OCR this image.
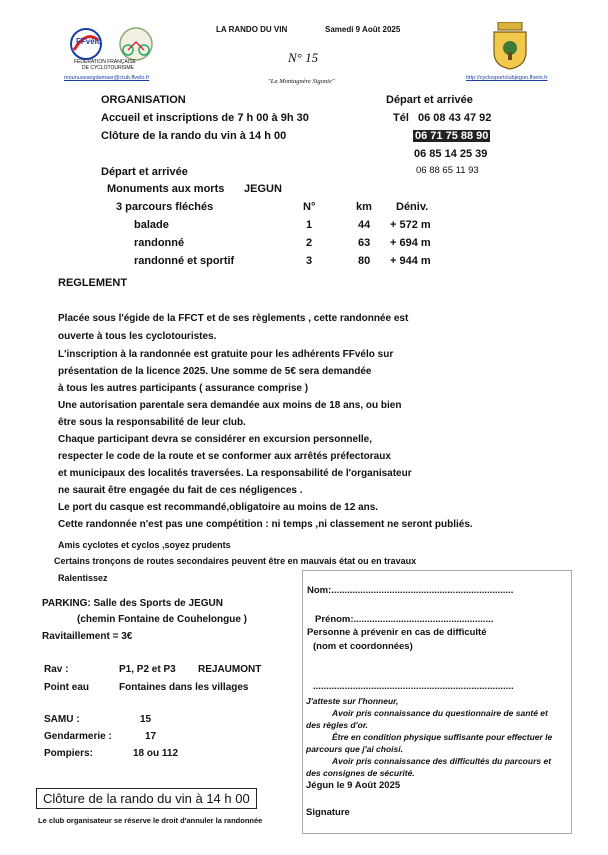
FFvélo
FÉDÉRATION FRANÇAISE
DE CYCLOTOURISME
mounuseacgdamasr@ctub.ffvelo.fr
LA RANDO DU VIN	Samedi 9 Août 2025
N° 15
"La Montagnère Sigonie"	http://cyclosportclubjegun.ffvelo.fr
ORGANISATION
Accueil et inscriptions de 7 h 00 à 9h 30
Clôture de la rando du vin à 14 h 00
Départ et arrivée
Tél 06 08 43 47 92
06 71 75 88 90
06 85 14 25 39
06 88 65 11 93
Départ et arrivée
Monuments aux morts JEGUN
3 parcours fléchés	N°	km Déniv.
balade	1	44 + 572 m
randonné	2	63 + 694 m
randonné et sportif	3	80 + 944 m
REGLEMENT
Placée sous l'égide de la FFCT et de ses règlements , cette randonnée est
ouverte à tous les cyclotouristes.
L'inscription à la randonnée est gratuite pour les adhérents FFvélo sur
présentation de la licence 2025. Une somme de 5€ sera demandée
à tous les autres participants ( assurance comprise )
Une autorisation parentale sera demandée aux moins de 18 ans, ou bien
être sous la responsabilité de leur club.
Chaque participant devra se considérer en excursion personnelle,
respecter le code de la route et se conformer aux arrêtés préfectoraux
et municipaux des localités traversées. La responsabilité de l'organisateur
ne saurait être engagée du fait de ces négligences .
Le port du casque est recommandé,obligatoire au moins de 12 ans.
Cette randonnée n'est pas une compétition : ni temps ,ni classement ne seront publiés.
Amis cyclotes et cyclos ,soyez prudents
Certains tronçons de routes secondaires peuvent être en mauvais état ou en travaux
Ralentissez
PARKING: Salle des Sports de JEGUN
(chemin Fontaine de Couhelongue )
Ravitaillement = 3€
Rav :	P1, P2 et P3 REJAUMONT
Point eau	Fontaines dans les villages
SAMU :	15
Gendarmerie :	17
Pompiers:	18 ou 112
Clôture de la rando du vin à 14 h 00
Le club organisateur se réserve le droit d'annuler la randonnée
Nom:.....................................................................
Prénom:.....................................................
Personne à prévenir en cas de difficulté
(nom et coordonnées)
............................................................................
J'atteste sur l'honneur,
Avoir pris connaissance du questionnaire de santé et des règles d'or.
Être en condition physique suffisante pour effectuer le parcours que j'ai choisi.
Avoir pris connaissance des difficultés du parcours et des consignes de sécurité.
Jégun le 9 Août 2025
Signature
